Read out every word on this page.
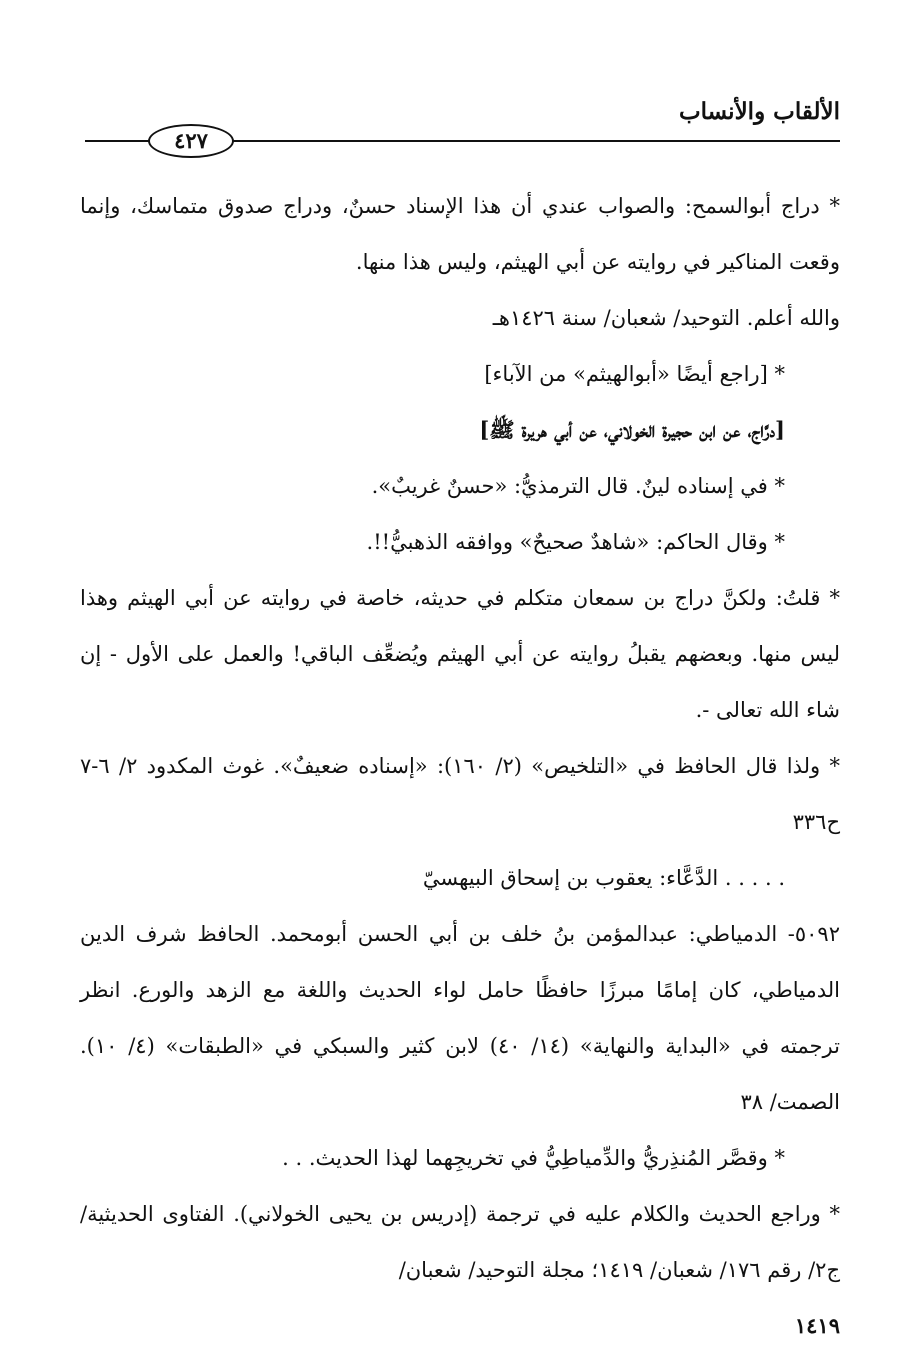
الألقاب والأنساب
٤٢٧

* دراج أبوالسمح: والصواب عندي أن هذا الإسناد حسنٌ، ودراج صدوق متماسك، وإنما وقعت المناكير في روايته عن أبي الهيثم، وليس هذا منها.

والله أعلم. التوحيد/ شعبان/ سنة ١٤٢٦هـ

* [راجع أيضًا «أبوالهيثم» من الآباء]

[درَّاج، عن ابن حجيرة الخولاني، عن أبي هريرة ﷺ]

* في إسناده لينٌ. قال الترمذيُّ: «حسنٌ غريبٌ».

* وقال الحاكم: «شاهدٌ صحيحٌ» ووافقه الذهبيُّ!!.

* قلتُ: ولكنَّ دراج بن سمعان متكلم في حديثه، خاصة في روايته عن أبي الهيثم وهذا ليس منها. وبعضهم يقبلُ روايته عن أبي الهيثم ويُضعِّف الباقي! والعمل على الأول - إن شاء الله تعالى -.

* ولذا قال الحافظ في «التلخيص» (٢/ ١٦٠): «إسناده ضعيفٌ». غوث المكدود ٢/ ٦-٧ ح٣٣٦

. . . . . الدَّعَّاء: يعقوب بن إسحاق البيهسيّ

٥٠٩٢- الدمياطي: عبدالمؤمن بنُ خلف بن أبي الحسن أبومحمد. الحافظ شرف الدين الدمياطي، كان إمامًا مبرزًا حافظًا حامل لواء الحديث واللغة مع الزهد والورع. انظر ترجمته في «البداية والنهاية» (١٤/ ٤٠) لابن كثير والسبكي في «الطبقات» (٤/ ١٠). الصمت/ ٣٨

* وقصَّر المُنذِريُّ والدِّمياطِيُّ في تخريجِهما لهذا الحديث. . .

* وراجع الحديث والكلام عليه في ترجمة (إدريس بن يحيى الخولاني). الفتاوى الحديثية/ ج٢/ رقم ١٧٦/ شعبان/ ١٤١٩؛ مجلة التوحيد/ شعبان/

١٤١٩
